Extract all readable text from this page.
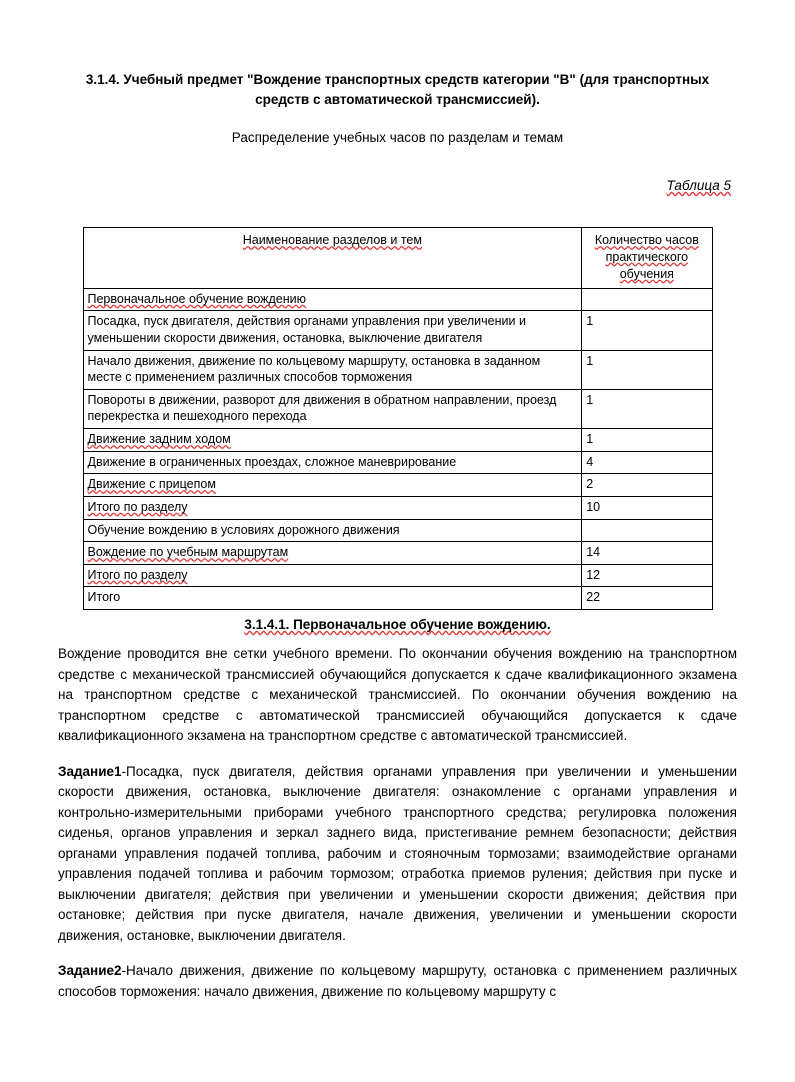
3.1.4. Учебный предмет "Вождение транспортных средств категории "В" (для транспортных средств с автоматической трансмиссией).
Распределение учебных часов по разделам и темам
Таблица 5
Наименование разделов и тем	Количество часов практического обучения

Первоначальное обучение вождению	
Посадка, пуск двигателя, действия органами управления при увеличении и уменьшении скорости движения, остановка, выключение двигателя	1
Начало движения, движение по кольцевому маршруту, остановка в заданном месте с применением различных способов торможения	1
Повороты в движении, разворот для движения в обратном направлении, проезд перекрестка и пешеходного перехода	1
Движение задним ходом	1
Движение в ограниченных проездах, сложное маневрирование	4
Движение с прицепом	2
Итого по разделу	10
Обучение вождению в условиях дорожного движения	
Вождение по учебным маршрутам	14
Итого по разделу	12
Итого	22
3.1.4.1. Первоначальное обучение вождению.

Вождение проводится вне сетки учебного времени. По окончании обучения вождению на транспортном средстве с механической трансмиссией обучающийся допускается к сдаче квалификационного экзамена на транспортном средстве с механической трансмиссией. По окончании обучения вождению на транспортном средстве с автоматической трансмиссией обучающийся допускается к сдаче квалификационного экзамена на транспортном средстве с автоматической трансмиссией.

Задание1-Посадка, пуск двигателя, действия органами управления при увеличении и уменьшении скорости движения, остановка, выключение двигателя: ознакомление с органами управления и контрольно-измерительными приборами учебного транспортного средства; регулировка положения сиденья, органов управления и зеркал заднего вида, пристегивание ремнем безопасности; действия органами управления подачей топлива, рабочим и стояночным тормозами; взаимодействие органами управления подачей топлива и рабочим тормозом; отработка приемов руления; действия при пуске и выключении двигателя; действия при увеличении и уменьшении скорости движения; действия при остановке; действия при пуске двигателя, начале движения, увеличении и уменьшении скорости движения, остановке, выключении двигателя.

Задание2-Начало движения, движение по кольцевому маршруту, остановка с применением различных способов торможения: начало движения, движение по кольцевому маршруту с
